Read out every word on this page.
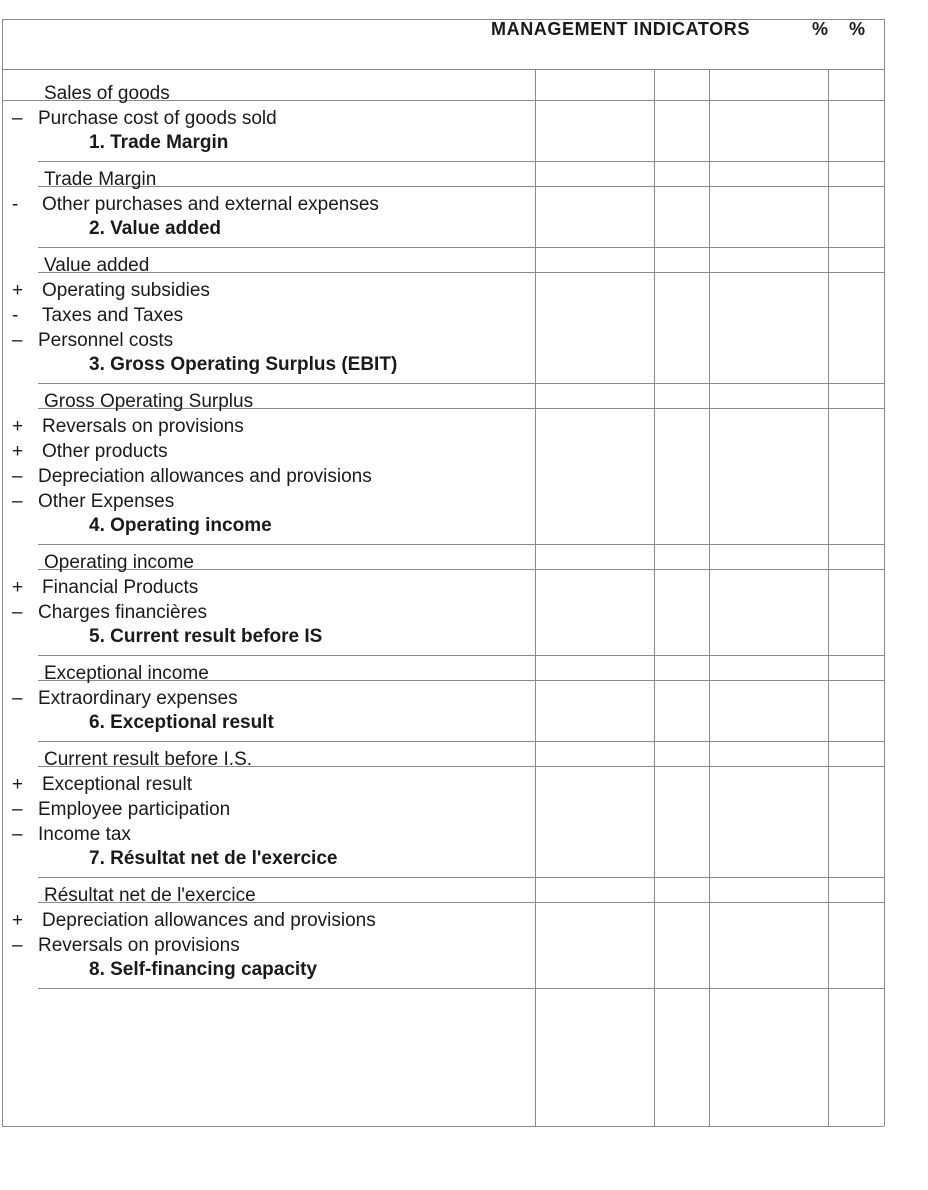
MANAGEMENT INDICATORS	% %
Sales of goods
– Purchase cost of goods sold
1. Trade Margin
Trade Margin
- Other purchases and external expenses
2. Value added
Value added
+ Operating subsidies
- Taxes and Taxes
– Personnel costs
3. Gross Operating Surplus (EBIT)
Gross Operating Surplus
+ Reversals on provisions
+ Other products
– Depreciation allowances and provisions
– Other Expenses
4. Operating income
Operating income
+ Financial Products
– Charges financières
5. Current result before IS
Exceptional income
– Extraordinary expenses
6. Exceptional result
Current result before I.S.
+ Exceptional result
– Employee participation
– Income tax
7. Résultat net de l'exercice
Résultat net de l'exercice
+ Depreciation allowances and provisions
– Reversals on provisions
8. Self-financing capacity
